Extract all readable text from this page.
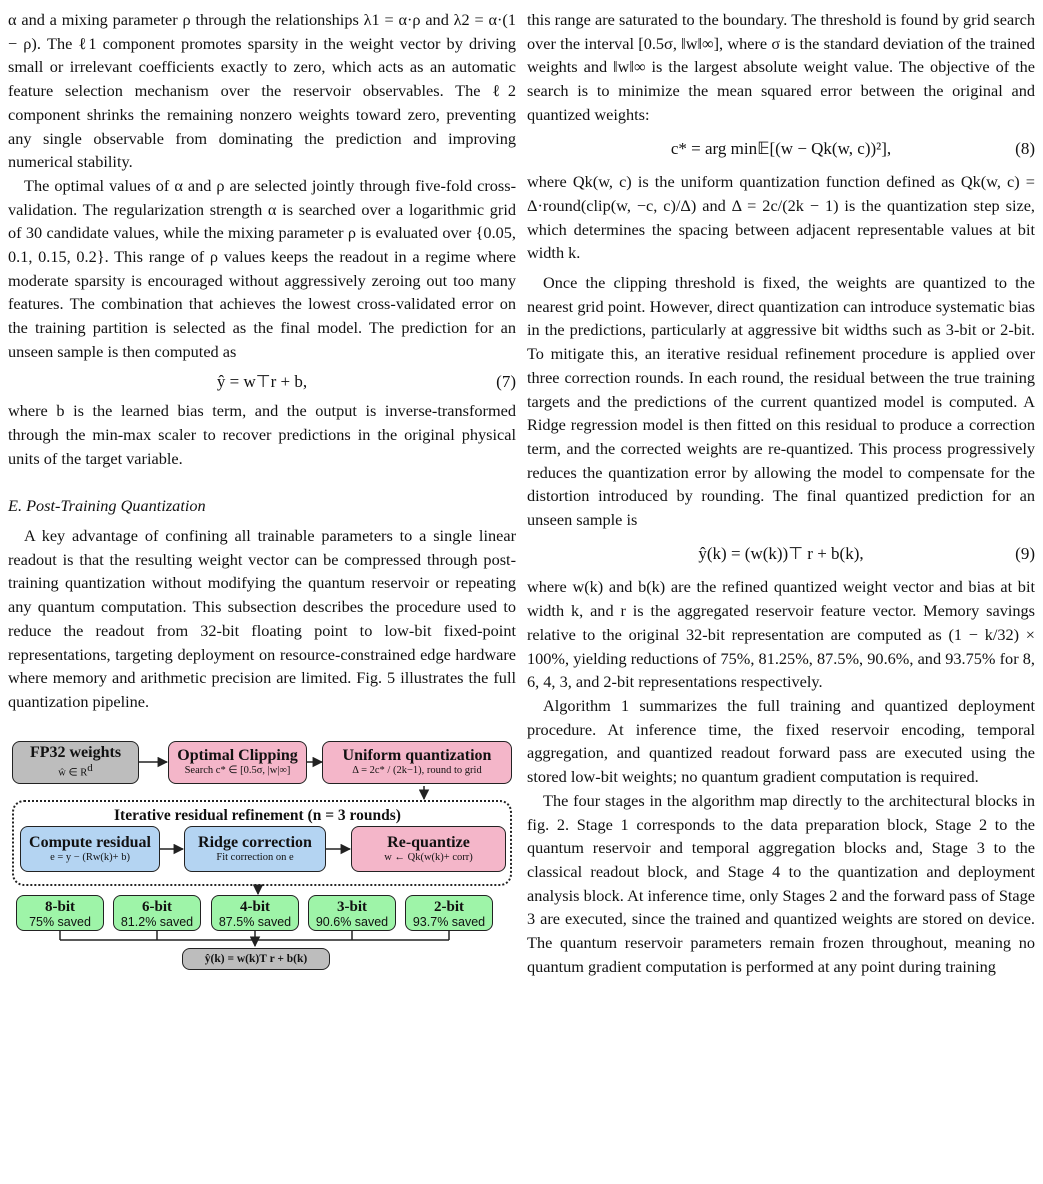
α and a mixing parameter ρ through the relationships λ1 = α·ρ and λ2 = α·(1 − ρ). The ℓ1 component promotes sparsity in the weight vector by driving small or irrelevant coefficients exactly to zero, which acts as an automatic feature selection mechanism over the reservoir observables. The ℓ2 component shrinks the remaining nonzero weights toward zero, preventing any single observable from dominating the prediction and improving numerical stability.

The optimal values of α and ρ are selected jointly through five-fold cross-validation. The regularization strength α is searched over a logarithmic grid of 30 candidate values, while the mixing parameter ρ is evaluated over {0.05, 0.1, 0.15, 0.2}. This range of ρ values keeps the readout in a regime where moderate sparsity is encouraged without aggressively zeroing out too many features. The combination that achieves the lowest cross-validated error on the training partition is selected as the final model. The prediction for an unseen sample is then computed as

ŷ = w⊤r + b,	(7)

where b is the learned bias term, and the output is inverse-transformed through the min-max scaler to recover predictions in the original physical units of the target variable.

E. Post-Training Quantization

A key advantage of confining all trainable parameters to a single linear readout is that the resulting weight vector can be compressed through post-training quantization without modifying the quantum reservoir or repeating any quantum computation. This subsection describes the procedure used to reduce the readout from 32-bit floating point to low-bit fixed-point representations, targeting deployment on resource-constrained edge hardware where memory and arithmetic precision are limited. Fig. 5 illustrates the full quantization pipeline.

FP32 weights
ŵ ∈ Rd
Optimal Clipping
Search c* ∈ [0.5σ, |w|∞]
Uniform quantization
Δ = 2c* / (2k−1), round to grid
Iterative residual refinement (n = 3 rounds)
Compute residual
e = y − (Rw(k)+ b)
Ridge correction
Fit correction on e
Re-quantize
w ← Qk(w(k)+ corr)
8-bit
75% saved
6-bit
81.2% saved
4-bit
87.5% saved
3-bit
90.6% saved
2-bit
93.7% saved
ŷ(k) = w(k)T r + b(k)

this range are saturated to the boundary. The threshold is found by grid search over the interval [0.5σ, ‖w‖∞], where σ is the standard deviation of the trained weights and ‖w‖∞ is the largest absolute weight value. The objective of the search is to minimize the mean squared error between the original and quantized weights:

c* = arg min𝔼[(w − Qk(w, c))²],	(8)

where Qk(w, c) is the uniform quantization function defined as Qk(w, c) = Δ·round(clip(w, −c, c)/Δ) and Δ = 2c/(2k − 1) is the quantization step size, which determines the spacing between adjacent representable values at bit width k.

Once the clipping threshold is fixed, the weights are quantized to the nearest grid point. However, direct quantization can introduce systematic bias in the predictions, particularly at aggressive bit widths such as 3-bit or 2-bit. To mitigate this, an iterative residual refinement procedure is applied over three correction rounds. In each round, the residual between the true training targets and the predictions of the current quantized model is computed. A Ridge regression model is then fitted on this residual to produce a correction term, and the corrected weights are re-quantized. This process progressively reduces the quantization error by allowing the model to compensate for the distortion introduced by rounding. The final quantized prediction for an unseen sample is

ŷ(k) = (w(k))⊤ r + b(k),	(9)

where w(k) and b(k) are the refined quantized weight vector and bias at bit width k, and r is the aggregated reservoir feature vector. Memory savings relative to the original 32-bit representation are computed as (1 − k/32) × 100%, yielding reductions of 75%, 81.25%, 87.5%, 90.6%, and 93.75% for 8, 6, 4, 3, and 2-bit representations respectively.

Algorithm 1 summarizes the full training and quantized deployment procedure. At inference time, the fixed reservoir encoding, temporal aggregation, and quantized readout forward pass are executed using the stored low-bit weights; no quantum gradient computation is required.

The four stages in the algorithm map directly to the architectural blocks in fig. 2. Stage 1 corresponds to the data preparation block, Stage 2 to the quantum reservoir and temporal aggregation blocks and, Stage 3 to the classical readout block, and Stage 4 to the quantization and deployment analysis block. At inference time, only Stages 2 and the forward pass of Stage 3 are executed, since the trained and quantized weights are stored on device. The quantum reservoir parameters remain frozen throughout, meaning no quantum gradient computation is performed at any point during training
